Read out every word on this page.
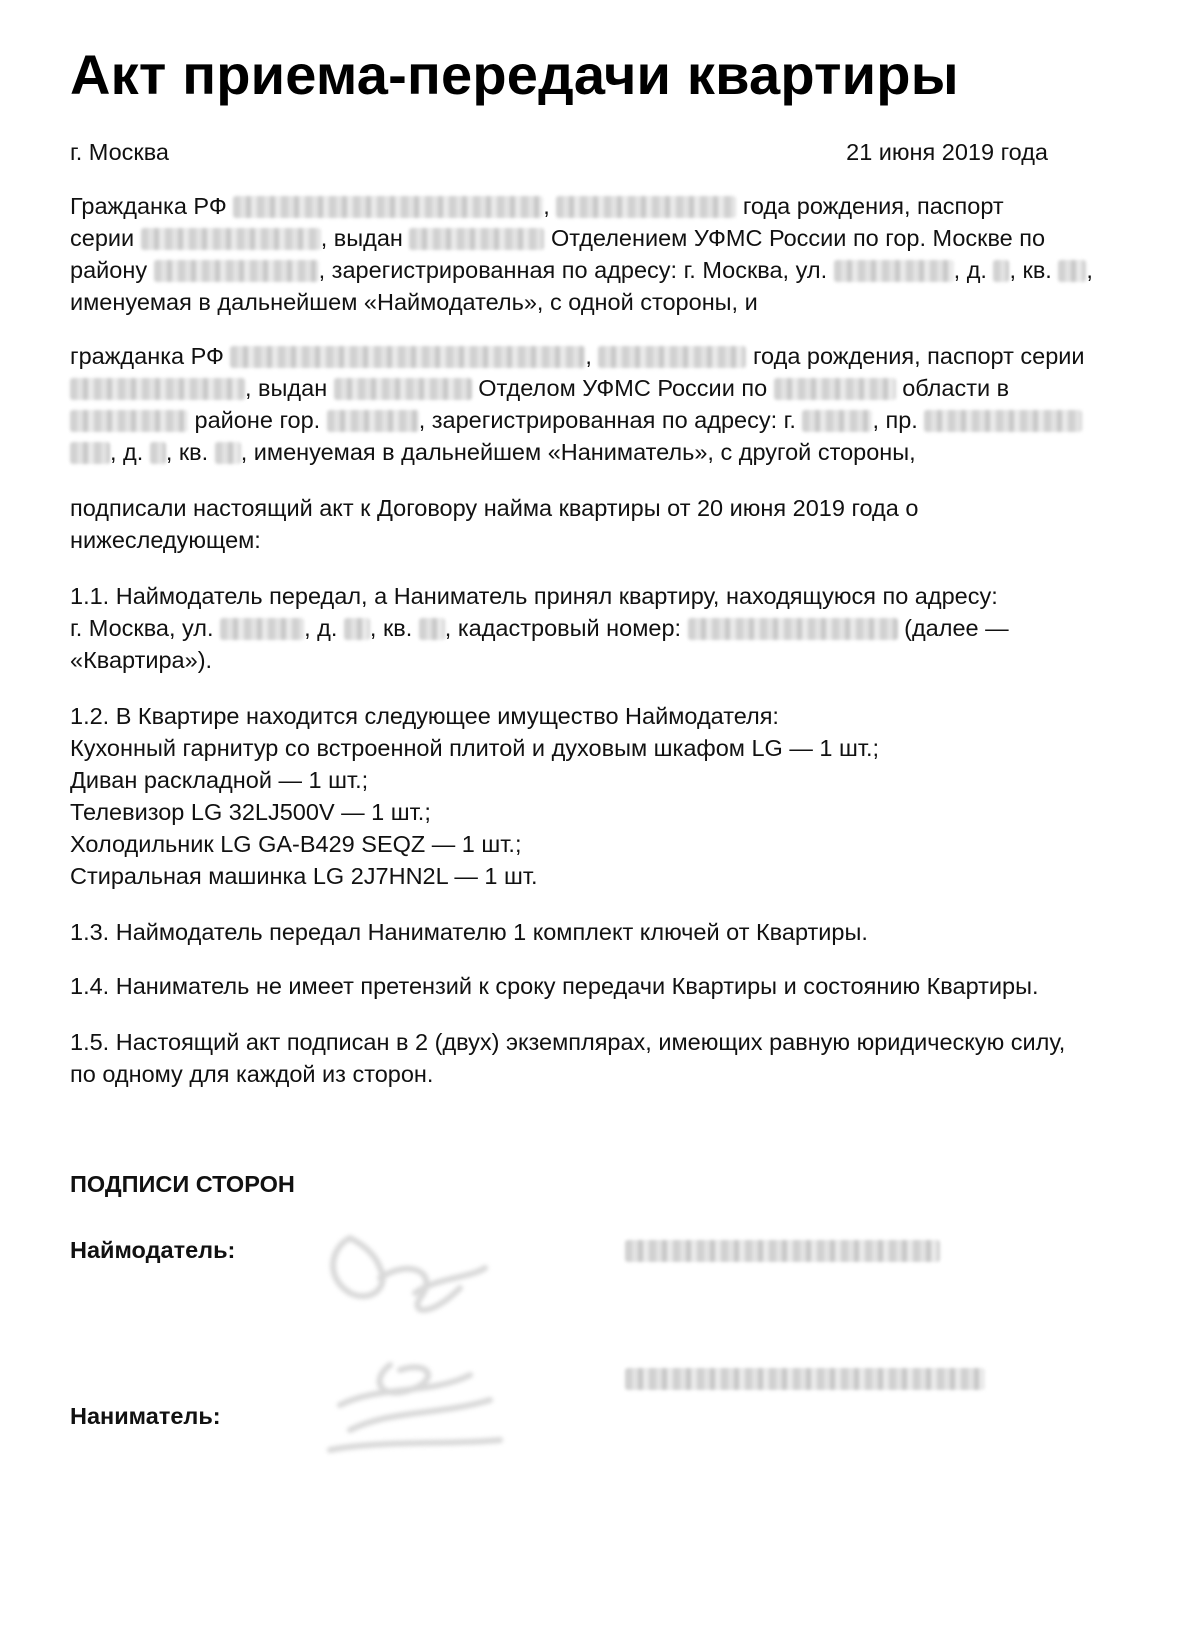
Акт приема-передачи квартиры
г. Москва	21 июня 2019 года
Гражданка РФ	,	года рождения, паспорт
серии	, выдан	Отделением УФМС России по гор. Москве по
району	, зарегистрированная по адресу: г. Москва, ул.	, д. , кв. ,
именуемая в дальнейшем «Наймодатель», с одной стороны, и
гражданка РФ	,	года рождения, паспорт серии
, выдан	Отделом УФМС России по	области в
районе гор.	, зарегистрированная по адресу: г.	, пр.
, д. , кв. , именуемая в дальнейшем «Наниматель», с другой стороны,
подписали настоящий акт к Договору найма квартиры от 20 июня 2019 года о
нижеследующем:
1.1. Наймодатель передал, а Наниматель принял квартиру, находящуюся по адресу:
г. Москва, ул.	, д. , кв. , кадастровый номер:	(далее —
«Квартира»).
1.2. В Квартире находится следующее имущество Наймодателя:
Кухонный гарнитур со встроенной плитой и духовым шкафом LG — 1 шт.;
Диван раскладной — 1 шт.;
Телевизор LG 32LJ500V — 1 шт.;
Холодильник LG GA-B429 SEQZ — 1 шт.;
Стиральная машинка LG 2J7HN2L — 1 шт.
1.3. Наймодатель передал Нанимателю 1 комплект ключей от Квартиры.
1.4. Наниматель не имеет претензий к сроку передачи Квартиры и состоянию Квартиры.
1.5. Настоящий акт подписан в 2 (двух) экземплярах, имеющих равную юридическую силу,
по одному для каждой из сторон.
ПОДПИСИ СТОРОН
Наймодатель:
Наниматель:
